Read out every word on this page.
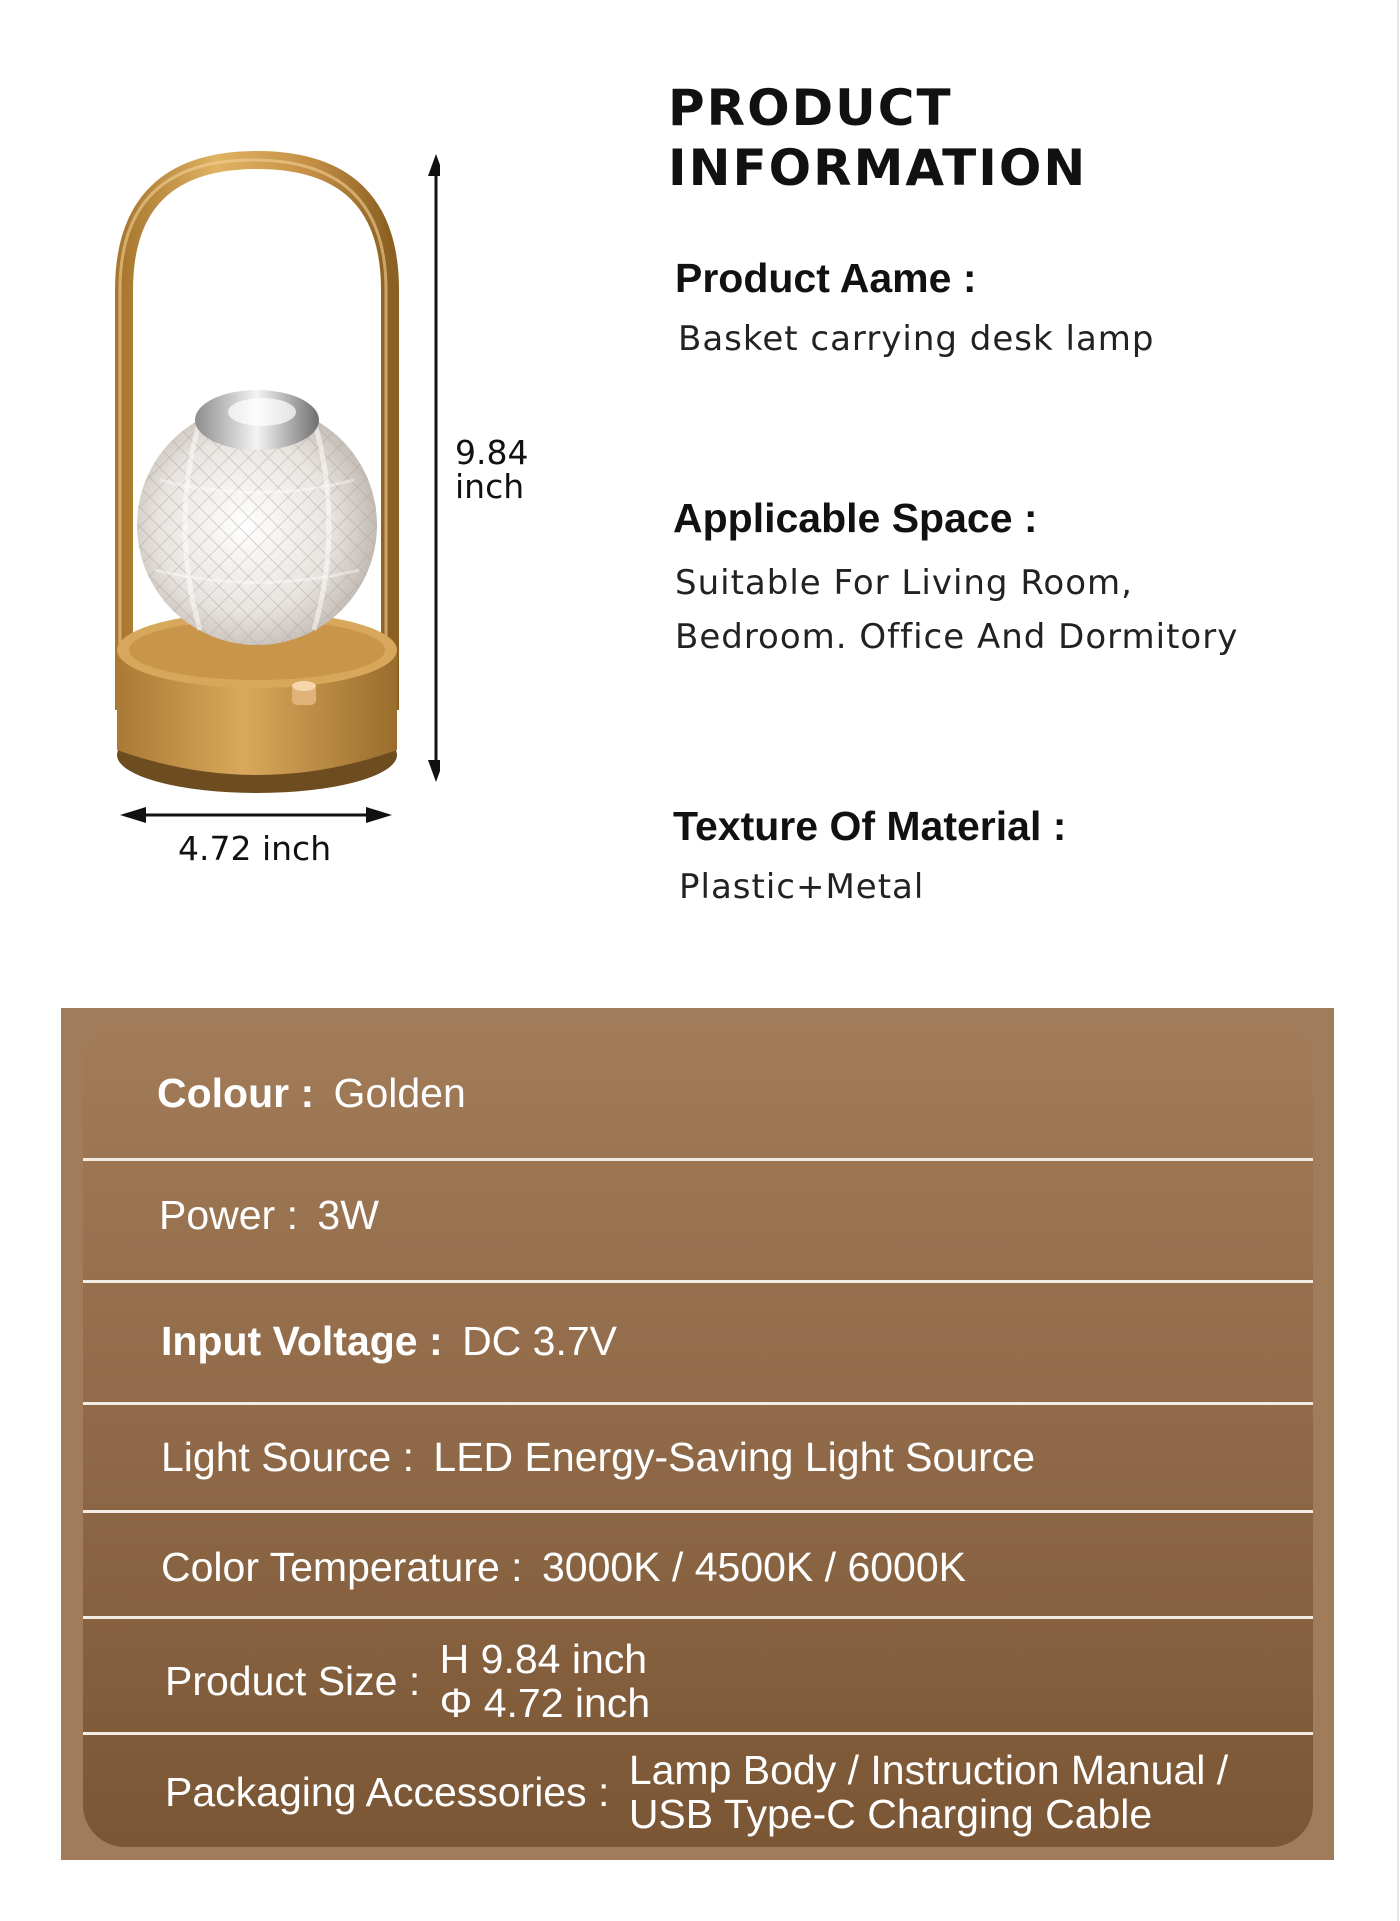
9.84
inch
4.72 inch
PRODUCT
INFORMATION
Product Aame :
Basket carrying desk lamp
Applicable Space :
Suitable For Living Room,
Bedroom. Office And Dormitory
Texture Of Material :
Plastic+Metal
Colour : Golden
Power : 3W
Input Voltage : DC 3.7V
Light Source : LED Energy-Saving Light Source
Color Temperature : 3000K / 4500K / 6000K
Product Size : H 9.84 inch
Φ 4.72 inch
Packaging Accessories : Lamp Body / Instruction Manual /
USB Type-C Charging Cable
